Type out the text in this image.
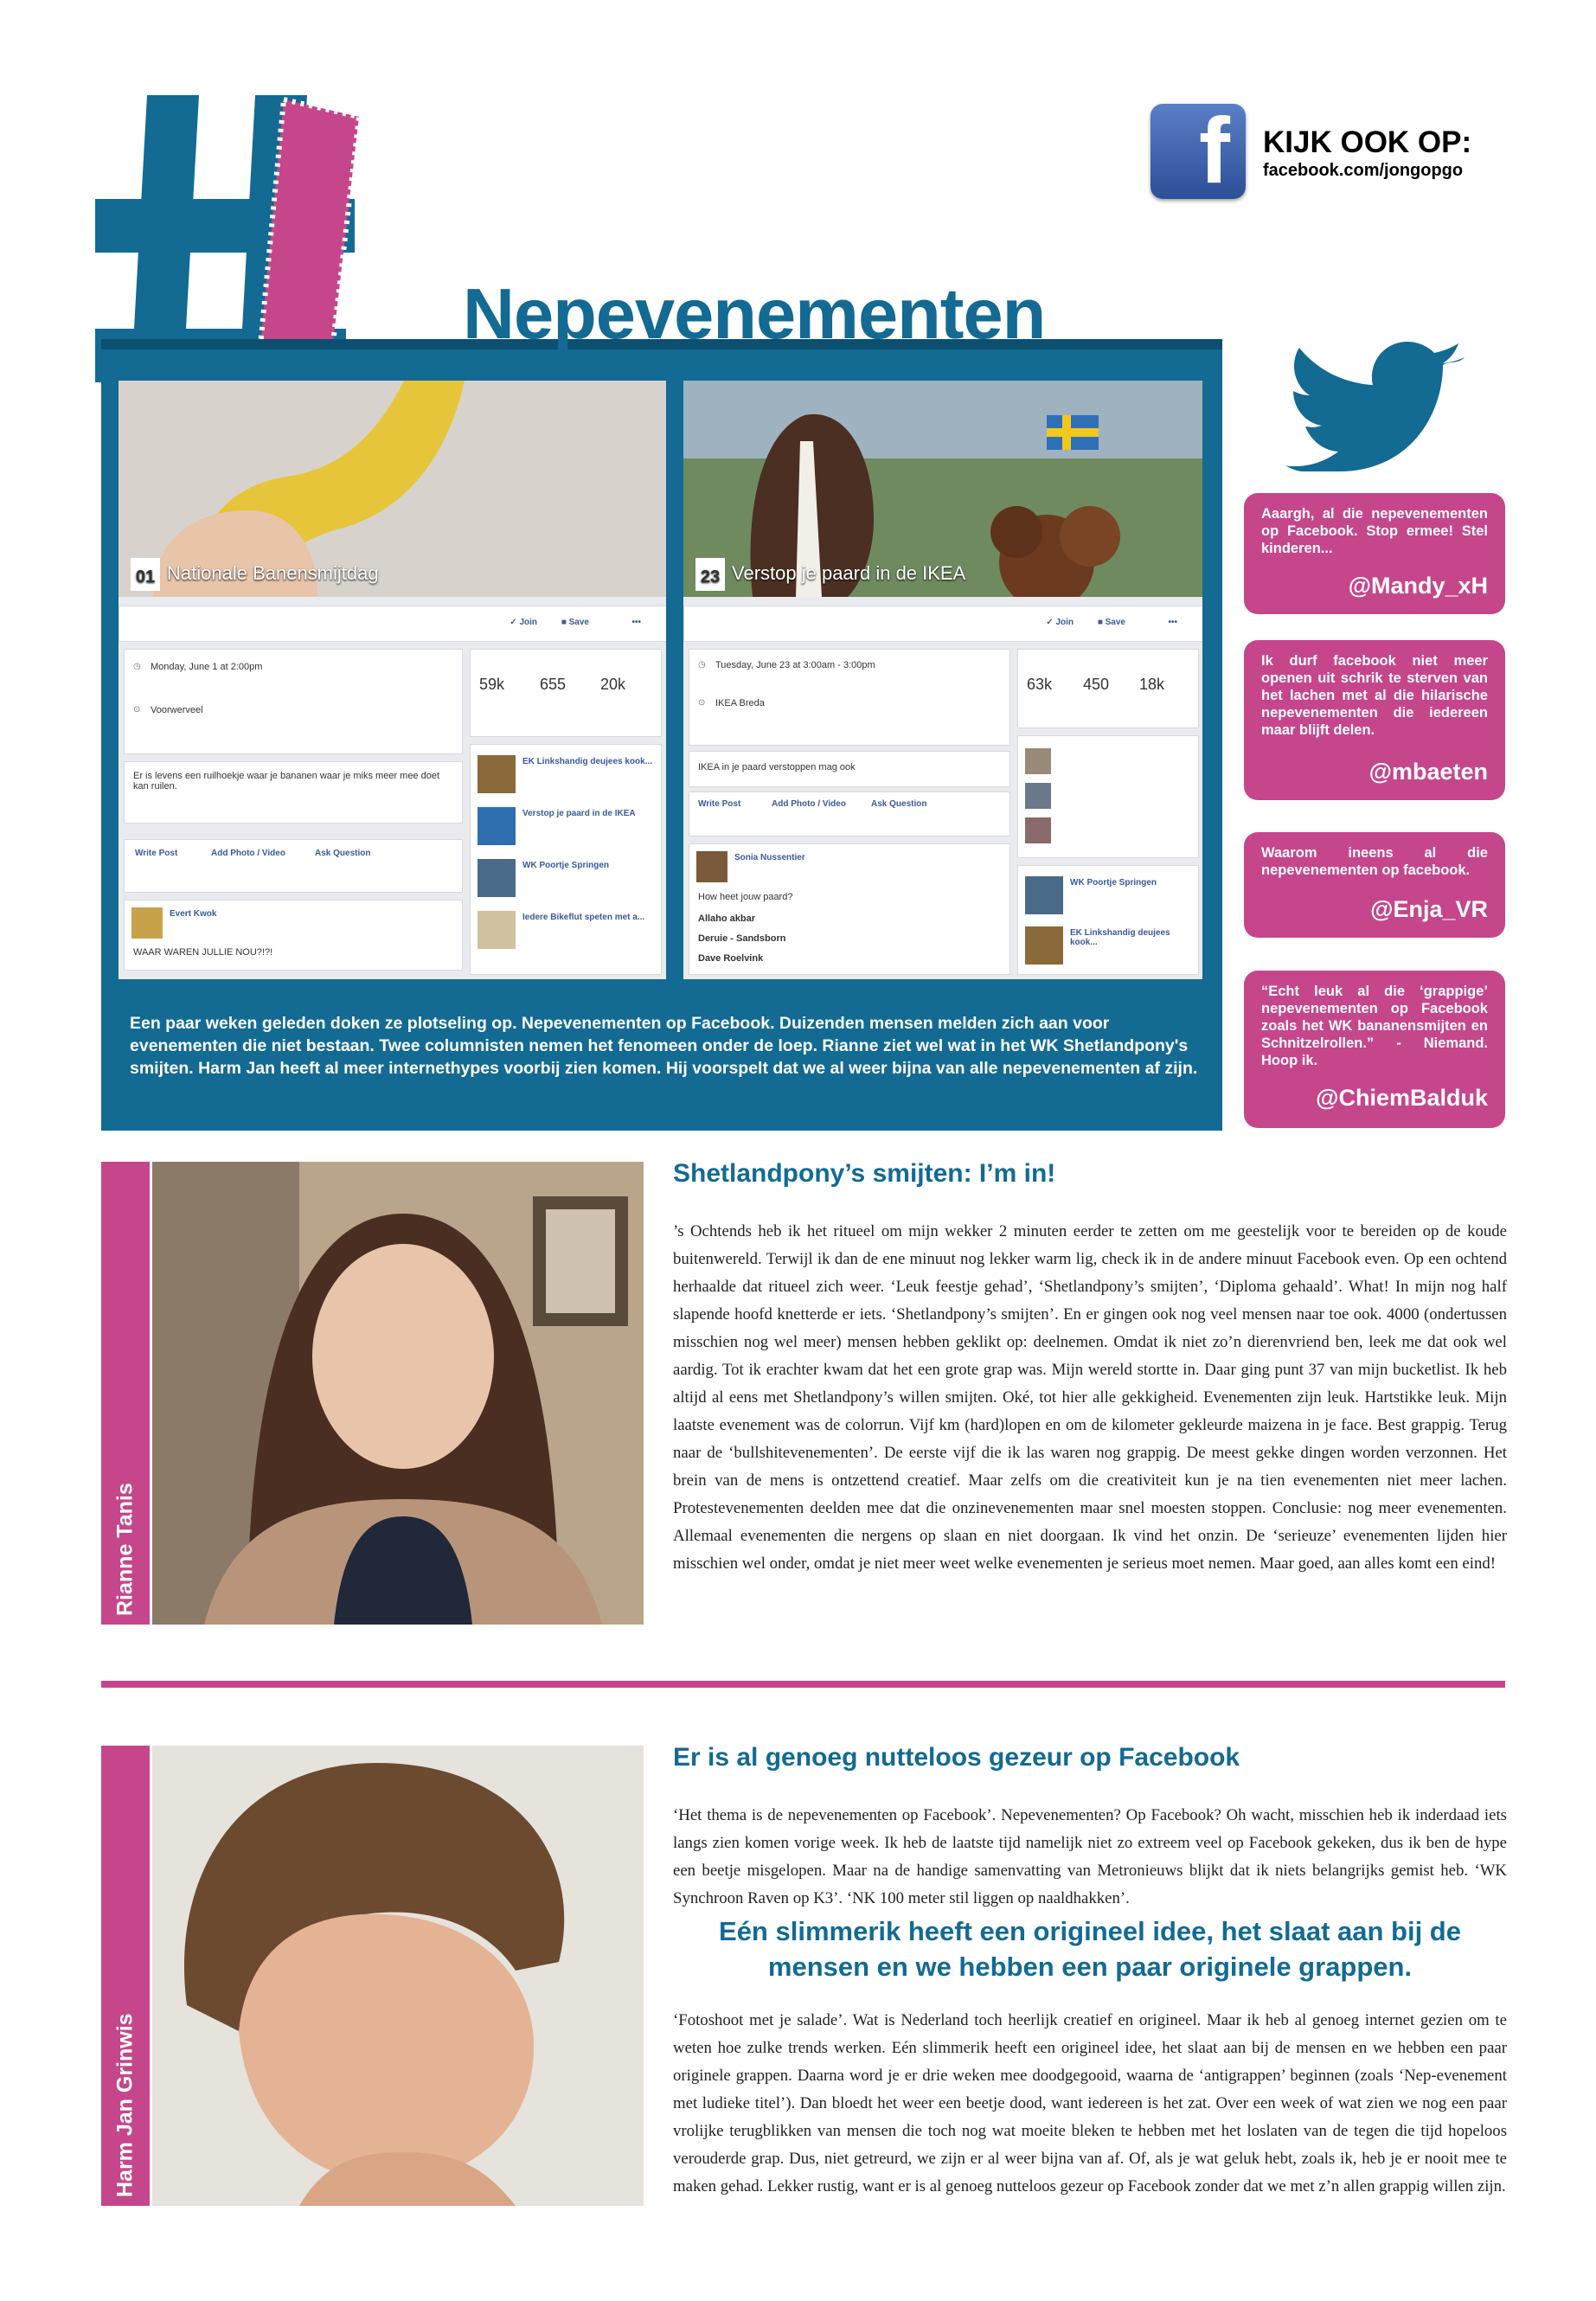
f KIJK OOK OP:
facebook.com/jongopgo
Nepevenementen
01 Nationale Banensmijtdag
✓ Join	■ Save	•••
Monday, June 1 at 2:00pm
◷
⊙ Voorwerveel
Er is levens een ruilhoekje waar je bananen waar je miks meer mee doet kan ruilen.
Write Post	Add Photo / Video	Ask Question
Evert Kwok
WAAR WAREN JULLIE NOU?!?!
59k 655 20k
EK Linkshandig deujees kook...
Verstop je paard in de IKEA
WK Poortje Springen
Iedere Bikeflut speten met a...
23 Verstop je paard in de IKEA
✓ Join	■ Save	•••
Tuesday, June 23 at 3:00am - 3:00pm
◷
⊙ IKEA Breda
IKEA in je paard verstoppen mag ook
Write Post	Add Photo / Video	Ask Question
Sonia Nussentier
How heet jouw paard?
Allaho akbar
Deruie - Sandsborn
Dave Roelvink
63k 450 18k
WK Poortje Springen
EK Linkshandig deujees kook...
Een paar weken geleden doken ze plotseling op. Nepevenementen op Facebook. Duizenden mensen melden zich aan voor evenementen die niet bestaan. Twee columnisten nemen het fenomeen onder de loep. Rianne ziet wel wat in het WK Shetlandpony's smijten. Harm Jan heeft al meer internethypes voorbij zien komen. Hij voorspelt dat we al weer bijna van alle nepevenementen af zijn.
Aaargh, al die nepevenementen op Facebook. Stop ermee! Stel kinderen...
@Mandy_xH
Ik durf facebook niet meer openen uit schrik te sterven van het lachen met al die hilarische nepevenementen die iedereen maar blijft delen.
@mbaeten
Waarom ineens al die nepevenementen op facebook.
@Enja_VR
“Echt leuk al die ‘grappige’ nepevenementen op Facebook zoals het WK bananensmijten en Schnitzelrollen.” - Niemand. Hoop ik.
@ChiemBalduk
Rianne Tanis
Shetlandpony’s smijten: I’m in!
’s Ochtends heb ik het ritueel om mijn wekker 2 minuten eerder te zetten om me geestelijk voor te bereiden op de koude buitenwereld. Terwijl ik dan de ene minuut nog lekker warm lig, check ik in de andere minuut Facebook even. Op een ochtend herhaalde dat ritueel zich weer. ‘Leuk feestje gehad’, ‘Shetlandpony’s smijten’, ‘Diploma gehaald’. What! In mijn nog half slapende hoofd knetterde er iets. ‘Shetlandpony’s smijten’. En er gingen ook nog veel mensen naar toe ook. 4000 (ondertussen misschien nog wel meer) mensen hebben geklikt op: deelnemen. Omdat ik niet zo’n dierenvriend ben, leek me dat ook wel aardig. Tot ik erachter kwam dat het een grote grap was. Mijn wereld stortte in. Daar ging punt 37 van mijn bucketlist. Ik heb altijd al eens met Shetlandpony’s willen smijten. Oké, tot hier alle gekkigheid. Evenementen zijn leuk. Hartstikke leuk. Mijn laatste evenement was de colorrun. Vijf km (hard)lopen en om de kilometer gekleurde maizena in je face. Best grappig. Terug naar de ‘bullshitevenementen’. De eerste vijf die ik las waren nog grappig. De meest gekke dingen worden verzonnen. Het brein van de mens is ontzettend creatief. Maar zelfs om die creativiteit kun je na tien evenementen niet meer lachen. Protestevenementen deelden mee dat die onzinevenementen maar snel moesten stoppen. Conclusie: nog meer evenementen. Allemaal evenementen die nergens op slaan en niet doorgaan. Ik vind het onzin. De ‘serieuze’ evenementen lijden hier misschien wel onder, omdat je niet meer weet welke evenementen je serieus moet nemen. Maar goed, aan alles komt een eind!
Harm Jan Grinwis
Er is al genoeg nutteloos gezeur op Facebook
‘Het thema is de nepevenementen op Facebook’. Nepevenementen? Op Facebook? Oh wacht, misschien heb ik inderdaad iets langs zien komen vorige week. Ik heb de laatste tijd namelijk niet zo extreem veel op Facebook gekeken, dus ik ben de hype een beetje misgelopen. Maar na de handige samenvatting van Metronieuws blijkt dat ik niets belangrijks gemist heb. ‘WK Synchroon Raven op K3’. ‘NK 100 meter stil liggen op naaldhakken’.
Eén slimmerik heeft een origineel idee, het slaat aan bij de mensen en we hebben een paar originele grappen.
‘Fotoshoot met je salade’. Wat is Nederland toch heerlijk creatief en origineel. Maar ik heb al genoeg internet gezien om te weten hoe zulke trends werken. Eén slimmerik heeft een origineel idee, het slaat aan bij de mensen en we hebben een paar originele grappen. Daarna word je er drie weken mee doodgegooid, waarna de ‘antigrappen’ beginnen (zoals ‘Nep-evenement met ludieke titel’). Dan bloedt het weer een beetje dood, want iedereen is het zat. Over een week of wat zien we nog een paar vrolijke terugblikken van mensen die toch nog wat moeite bleken te hebben met het loslaten van de tegen die tijd hopeloos verouderde grap. Dus, niet getreurd, we zijn er al weer bijna van af. Of, als je wat geluk hebt, zoals ik, heb je er nooit mee te maken gehad. Lekker rustig, want er is al genoeg nutteloos gezeur op Facebook zonder dat we met z’n allen grappig willen zijn.
